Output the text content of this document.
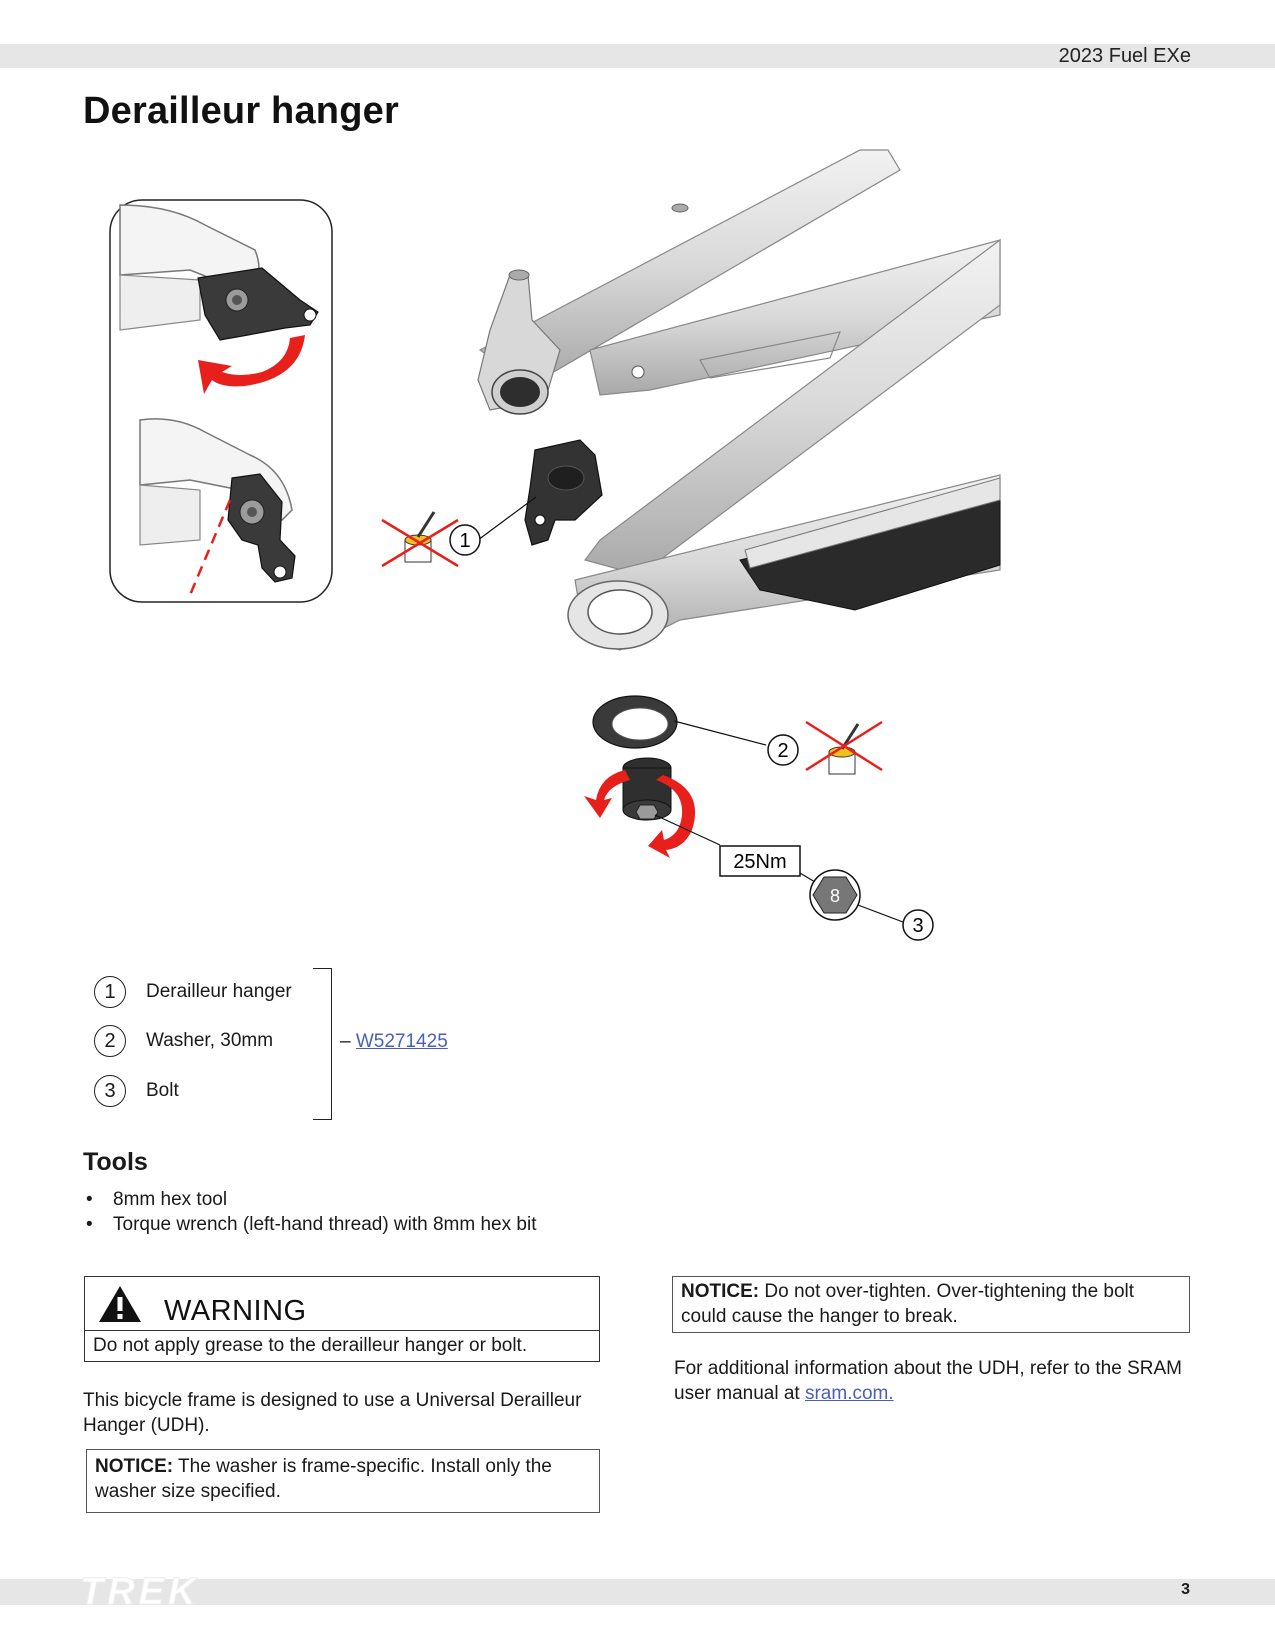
2023 Fuel EXe
Derailleur hanger
1
2
25Nm
8
3
1	Derailleur hanger
2	Washer, 30mm
3	Bolt
– W5271425
Tools
• 8mm hex tool
• Torque wrench (left-hand thread) with 8mm hex bit
WARNING
Do not apply grease to the derailleur hanger or bolt.

This bicycle frame is designed to use a Universal Derailleur Hanger (UDH).

NOTICE: The washer is frame-specific. Install only the washer size specified.
NOTICE: Do not over-tighten. Over-tightening the bolt could cause the hanger to break.

For additional information about the UDH, refer to the SRAM user manual at sram.com.

TREK	3
